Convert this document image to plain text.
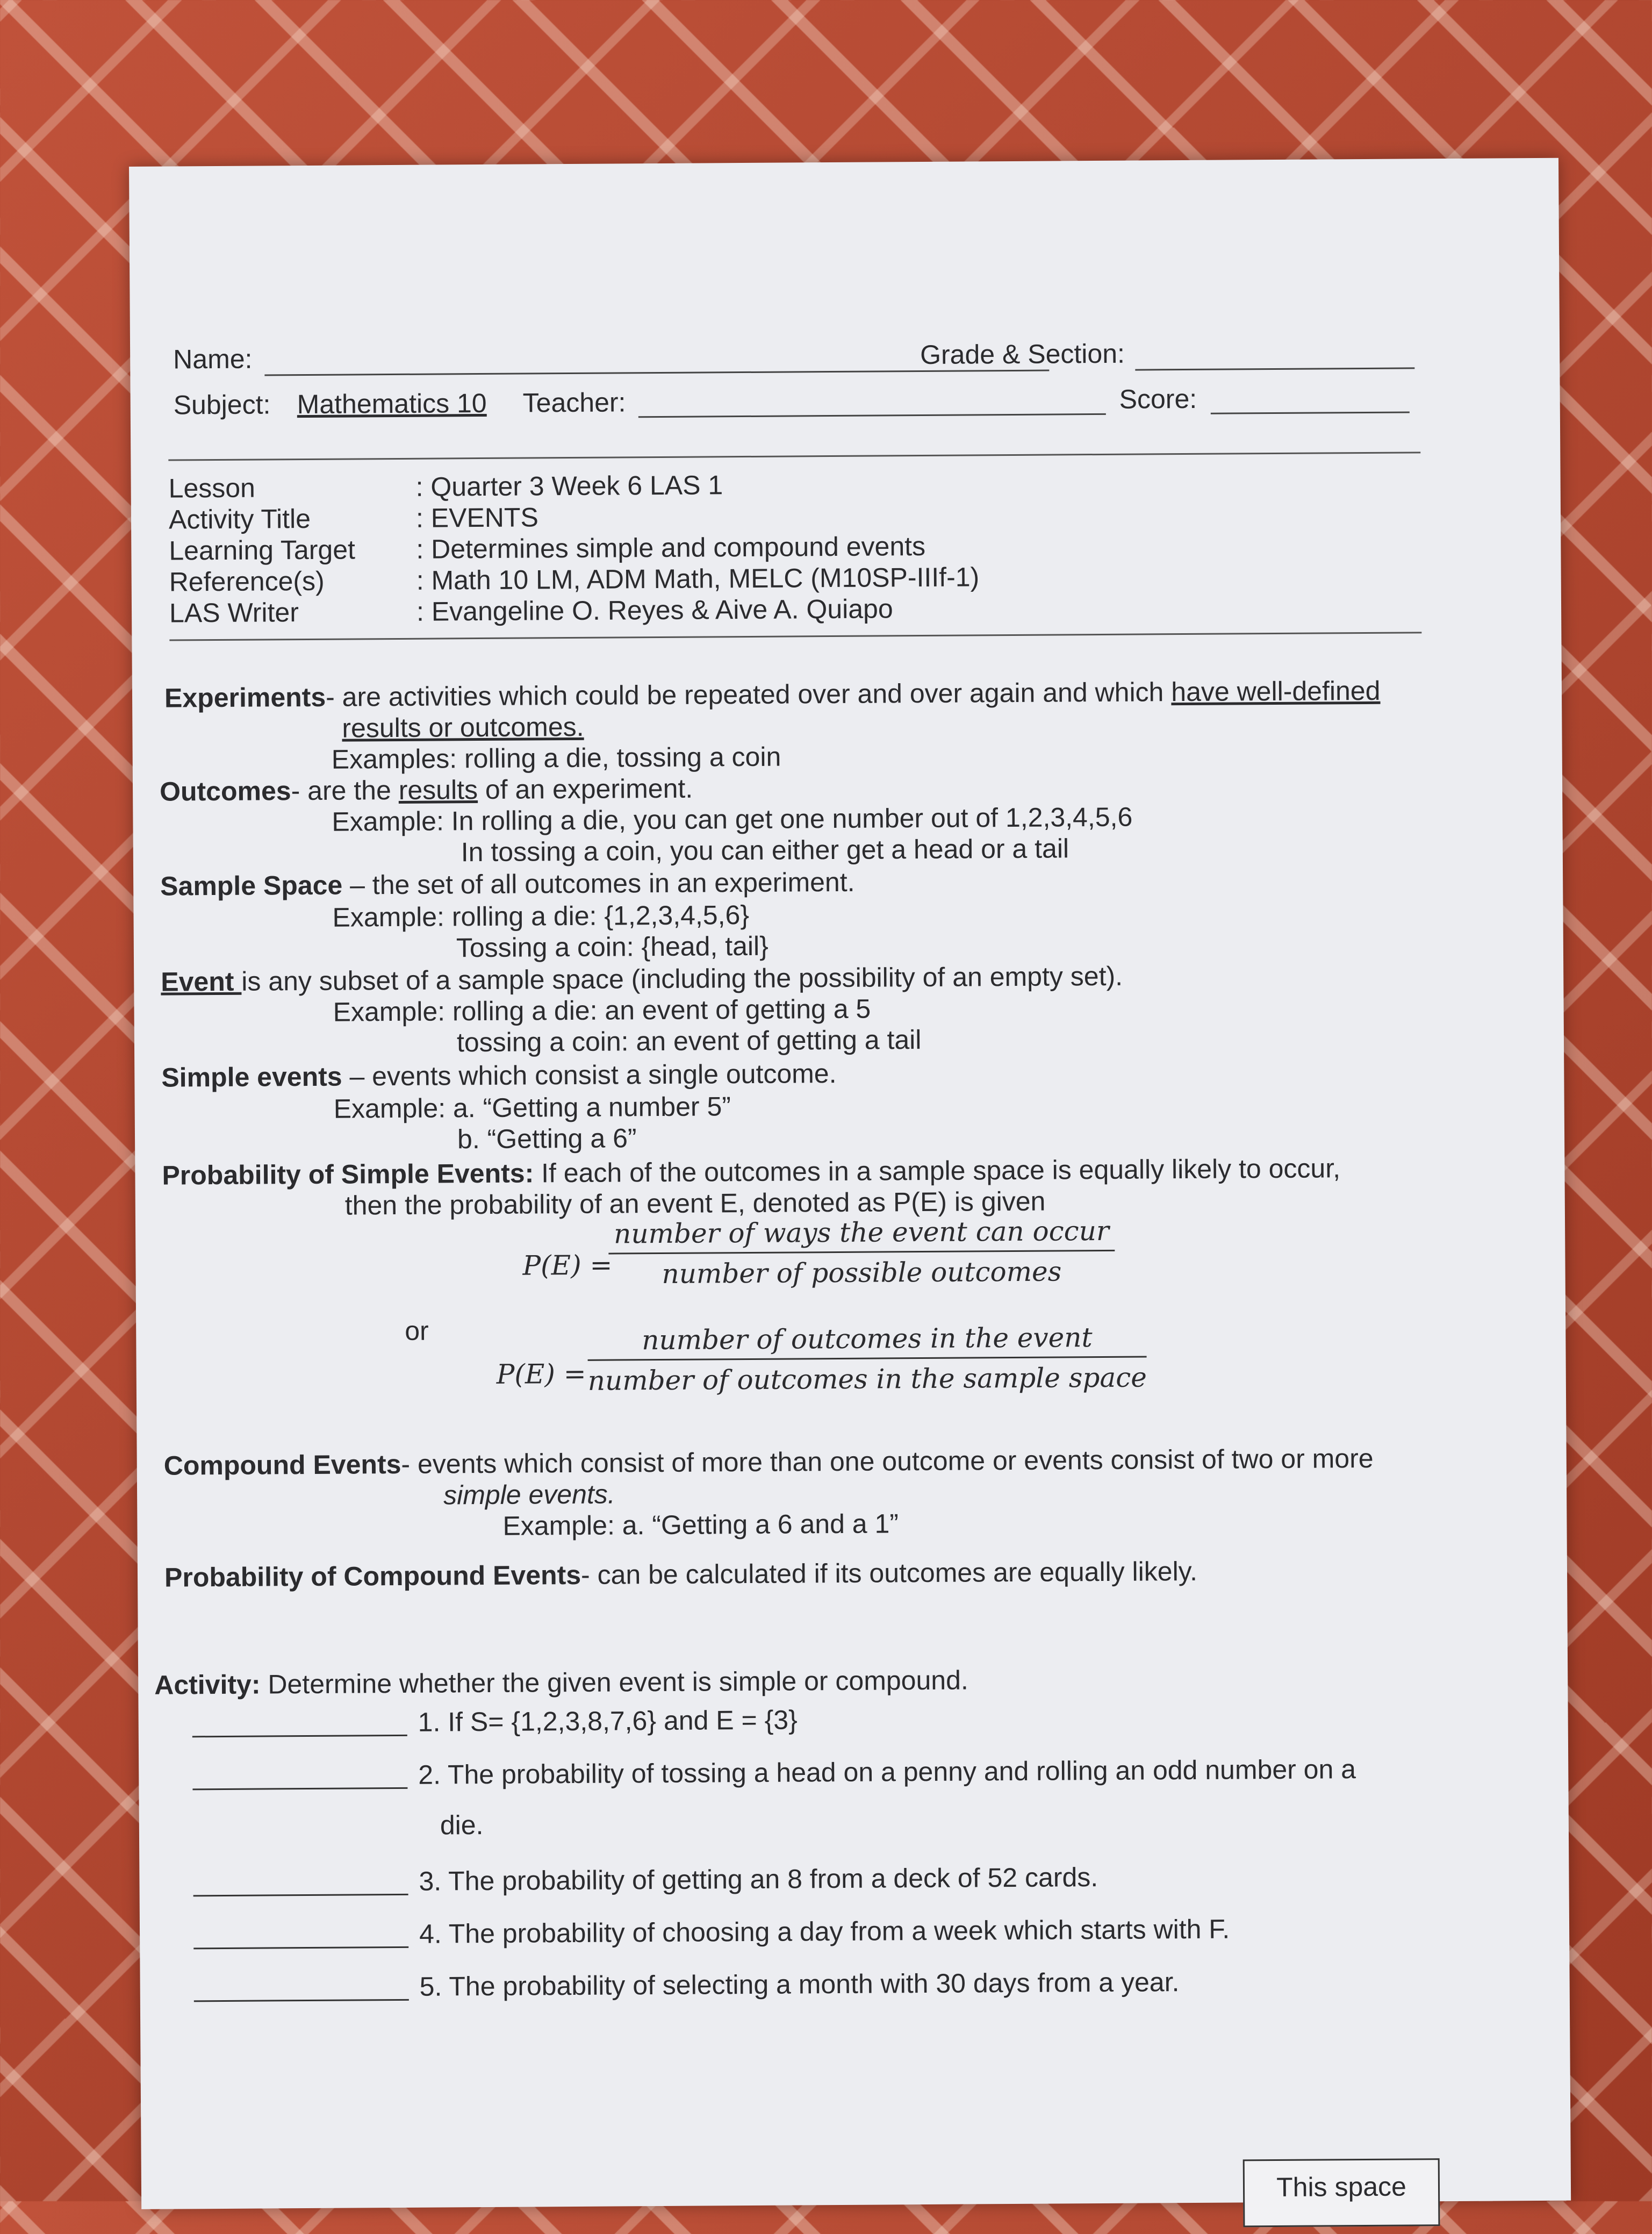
Name:	Grade & Section:
Subject: Mathematics 10 Teacher:	Score:
Lesson	: Quarter 3 Week 6 LAS 1
Activity Title	: EVENTS
Learning Target : Determines simple and compound events
Reference(s)	: Math 10 LM, ADM Math, MELC (M10SP-IIIf-1)
LAS Writer	: Evangeline O. Reyes & Aive A. Quiapo
Experiments- are activities which could be repeated over and over again and which have well-defined
results or outcomes.
Examples: rolling a die, tossing a coin
Outcomes- are the results of an experiment.
Example: In rolling a die, you can get one number out of 1,2,3,4,5,6
In tossing a coin, you can either get a head or a tail
Sample Space – the set of all outcomes in an experiment.
Example: rolling a die: {1,2,3,4,5,6}
Tossing a coin: {head, tail}
Event is any subset of a sample space (including the possibility of an empty set).
Example: rolling a die: an event of getting a 5
tossing a coin: an event of getting a tail
Simple events – events which consist a single outcome.
Example: a. “Getting a number 5”
b. “Getting a 6”
Probability of Simple Events: If each of the outcomes in a sample space is equally likely to occur,
then the probability of an event E, denoted as P(E) is given
P(E) =
number of ways the event can occur
number of possible outcomes
or
P(E) =
number of outcomes in the event
number of outcomes in the sample space
Compound Events- events which consist of more than one outcome or events consist of two or more
simple events.
Example: a. “Getting a 6 and a 1”
Probability of Compound Events- can be calculated if its outcomes are equally likely.
Activity: Determine whether the given event is simple or compound.
1. If S= {1,2,3,8,7,6} and E = {3}
2. The probability of tossing a head on a penny and rolling an odd number on a
die.
3. The probability of getting an 8 from a deck of 52 cards.
4. The probability of choosing a day from a week which starts with F.
5. The probability of selecting a month with 30 days from a year.
This space
